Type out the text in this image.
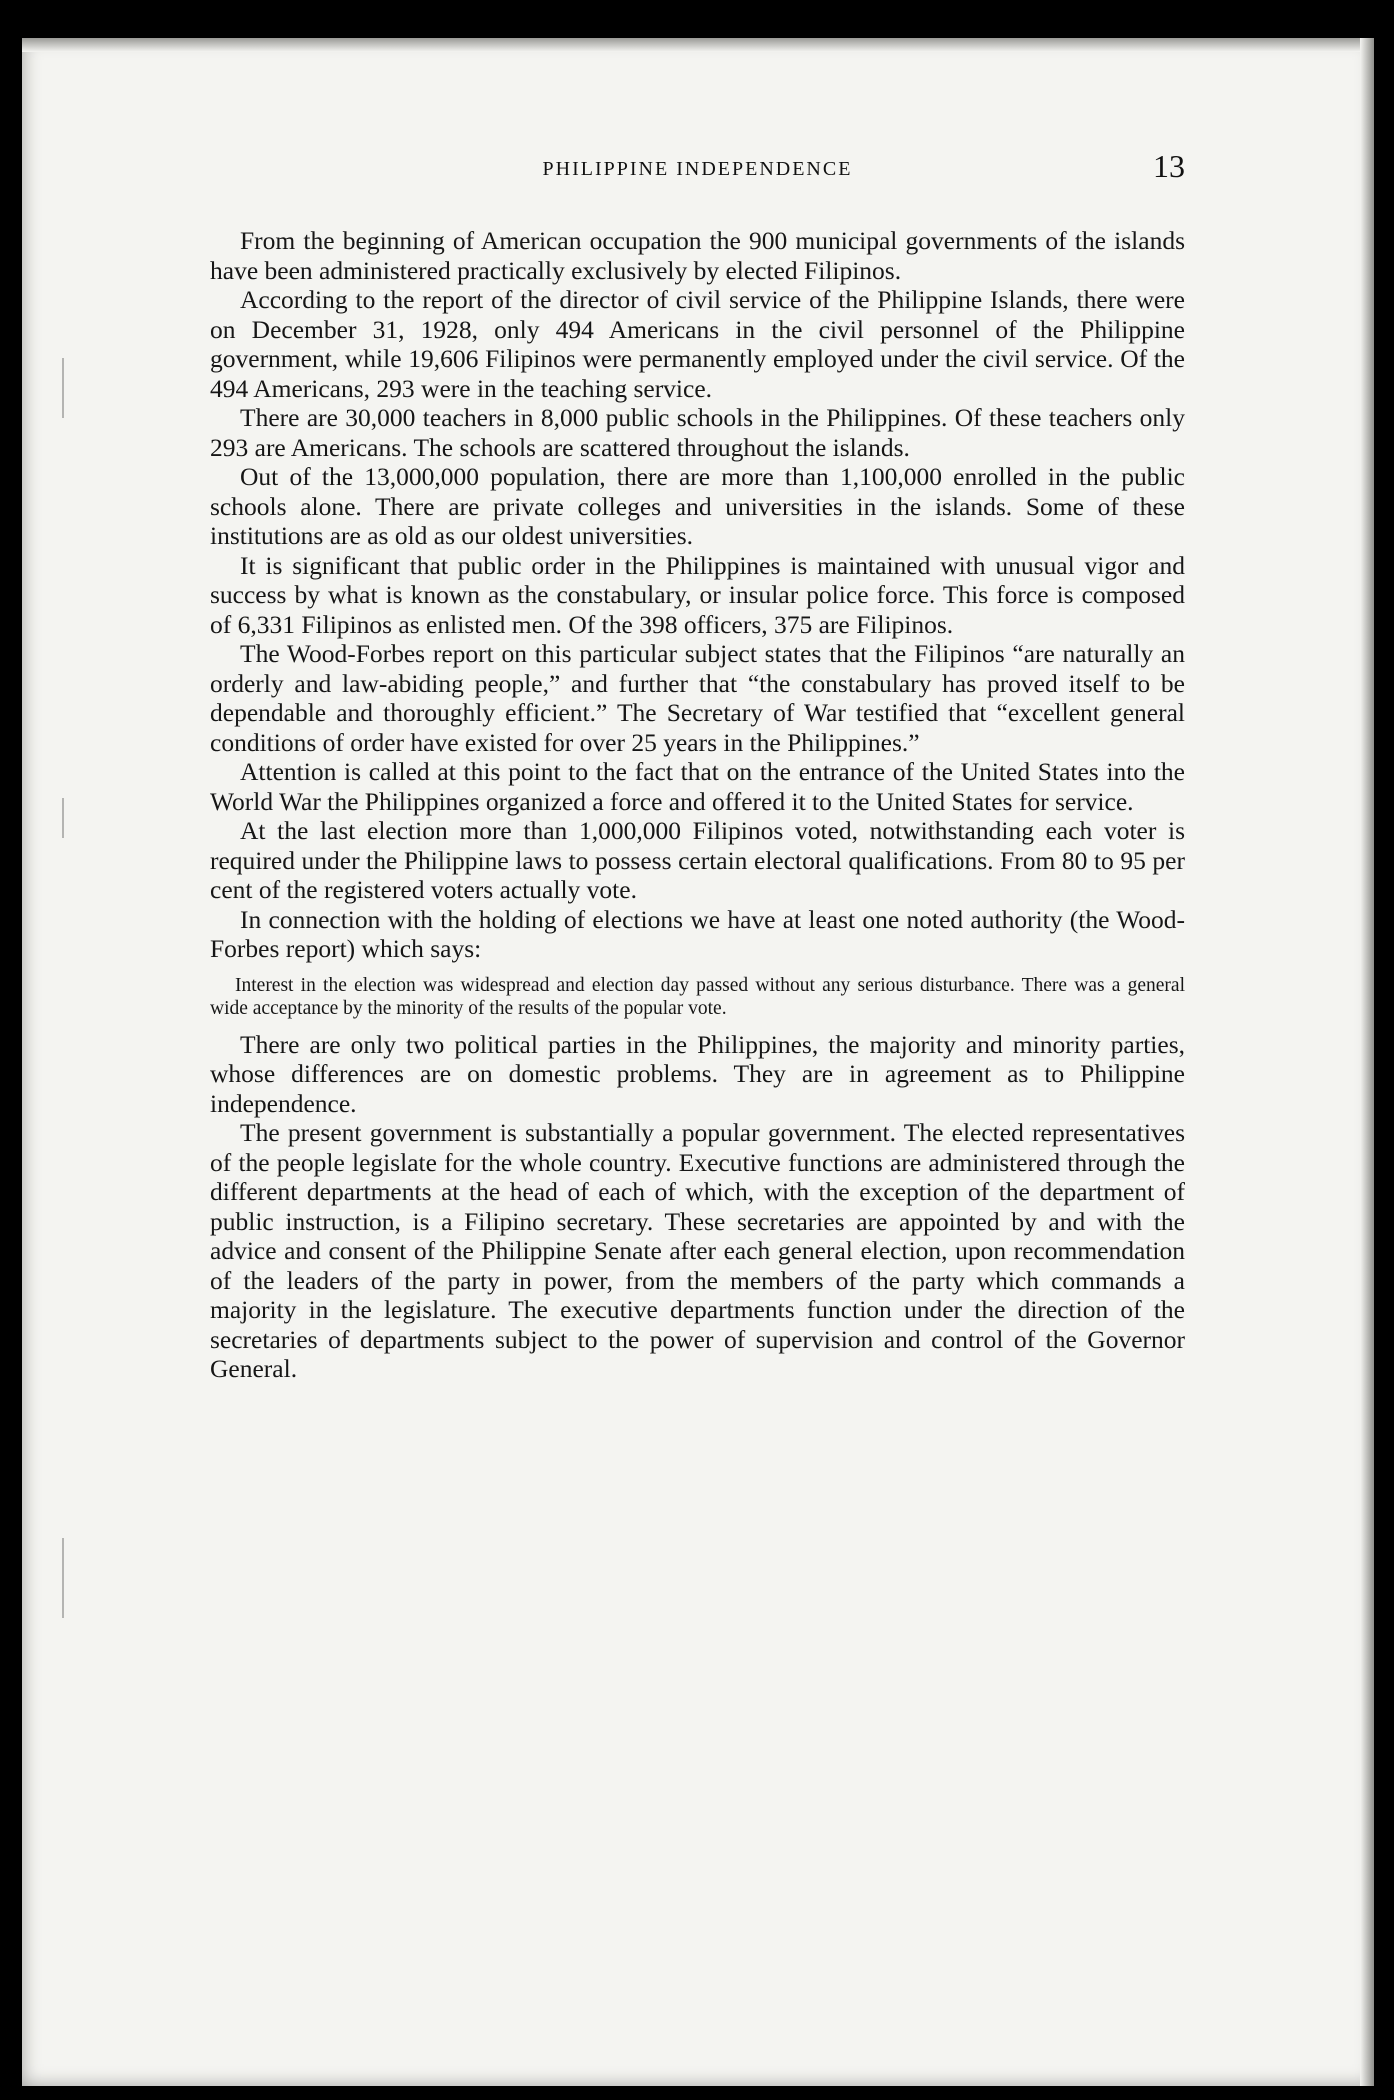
PHILIPPINE INDEPENDENCE	13

From the beginning of American occupation the 900 municipal governments of the islands have been administered practically exclusively by elected Filipinos.

According to the report of the director of civil service of the Philippine Islands, there were on December 31, 1928, only 494 Americans in the civil personnel of the Philippine government, while 19,606 Filipinos were permanently employed under the civil service. Of the 494 Americans, 293 were in the teaching service.

There are 30,000 teachers in 8,000 public schools in the Philippines. Of these teachers only 293 are Americans. The schools are scattered throughout the islands.

Out of the 13,000,000 population, there are more than 1,100,000 enrolled in the public schools alone. There are private colleges and universities in the islands. Some of these institutions are as old as our oldest universities.

It is significant that public order in the Philippines is maintained with unusual vigor and success by what is known as the constabulary, or insular police force. This force is composed of 6,331 Filipinos as enlisted men. Of the 398 officers, 375 are Filipinos.

The Wood-Forbes report on this particular subject states that the Filipinos “are naturally an orderly and law-abiding people,” and further that “the constabulary has proved itself to be dependable and thoroughly efficient.” The Secretary of War testified that “excellent general conditions of order have existed for over 25 years in the Philippines.”

Attention is called at this point to the fact that on the entrance of the United States into the World War the Philippines organized a force and offered it to the United States for service.

At the last election more than 1,000,000 Filipinos voted, notwithstanding each voter is required under the Philippine laws to possess certain electoral qualifications. From 80 to 95 per cent of the registered voters actually vote.

In connection with the holding of elections we have at least one noted authority (the Wood-Forbes report) which says:

Interest in the election was widespread and election day passed without any serious disturbance. There was a general wide acceptance by the minority of the results of the popular vote.

There are only two political parties in the Philippines, the majority and minority parties, whose differences are on domestic problems. They are in agreement as to Philippine independence.

The present government is substantially a popular government. The elected representatives of the people legislate for the whole country. Executive functions are administered through the different departments at the head of each of which, with the exception of the department of public instruction, is a Filipino secretary. These secretaries are appointed by and with the advice and consent of the Philippine Senate after each general election, upon recommendation of the leaders of the party in power, from the members of the party which commands a majority in the legislature. The executive departments function under the direction of the secretaries of departments subject to the power of supervision and control of the Governor General.
